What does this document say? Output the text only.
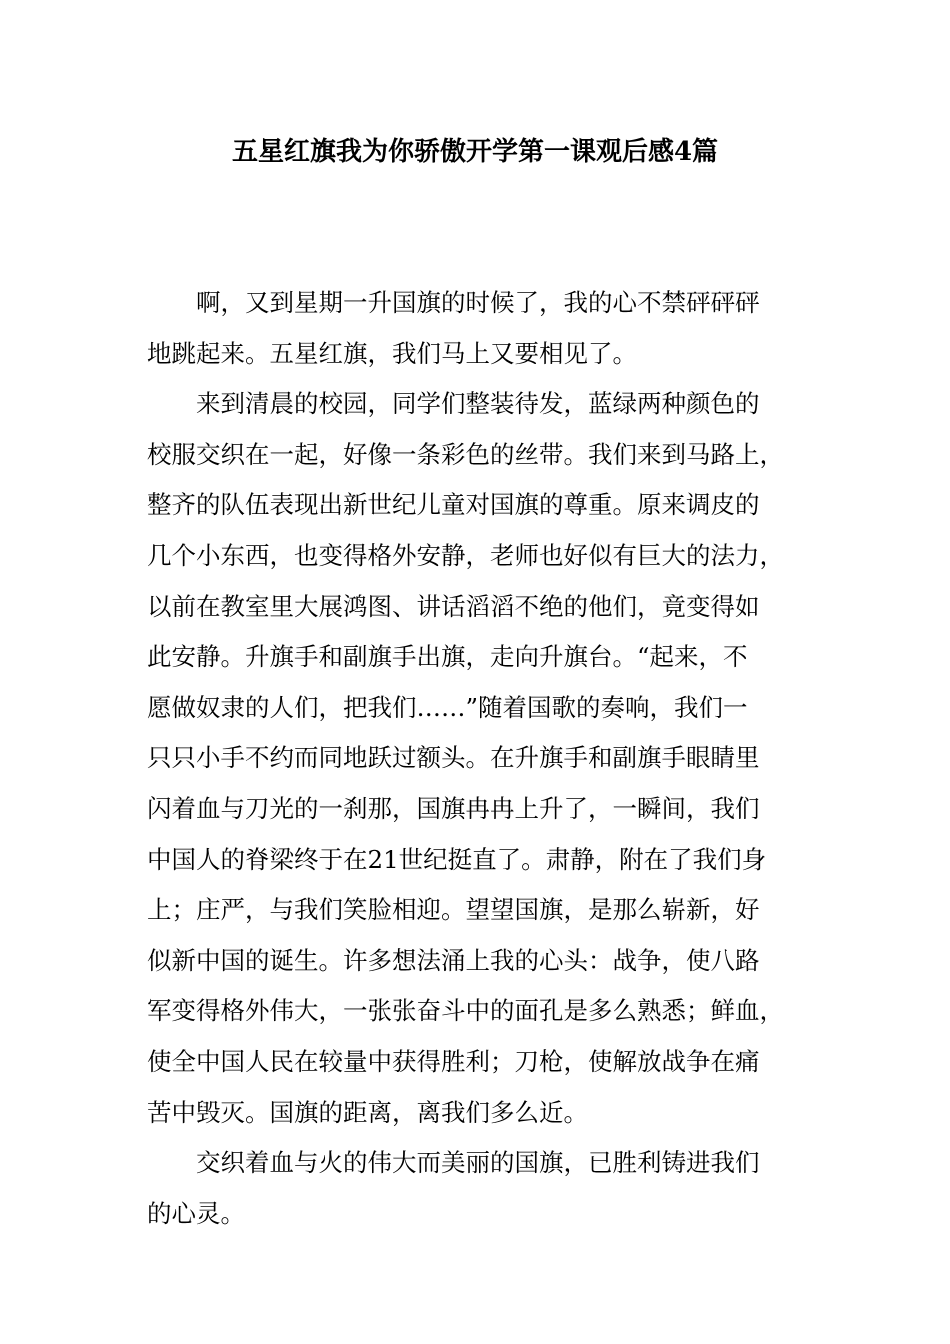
五星红旗我为你骄傲开学第一课观后感4篇
啊，又到星期一升国旗的时候了，我的心不禁砰砰砰
地跳起来。五星红旗，我们马上又要相见了。
来到清晨的校园，同学们整装待发，蓝绿两种颜色的
校服交织在一起，好像一条彩色的丝带。我们来到马路上，
整齐的队伍表现出新世纪儿童对国旗的尊重。原来调皮的
几个小东西，也变得格外安静，老师也好似有巨大的法力，
以前在教室里大展鸿图、讲话滔滔不绝的他们，竟变得如
此安静。升旗手和副旗手出旗，走向升旗台。“起来，不
愿做奴隶的人们，把我们……”随着国歌的奏响，我们一
只只小手不约而同地跃过额头。在升旗手和副旗手眼睛里
闪着血与刀光的一刹那，国旗冉冉上升了，一瞬间，我们
中国人的脊梁终于在21世纪挺直了。肃静，附在了我们身
上；庄严，与我们笑脸相迎。望望国旗，是那么崭新，好
似新中国的诞生。许多想法涌上我的心头：战争，使八路
军变得格外伟大，一张张奋斗中的面孔是多么熟悉；鲜血，
使全中国人民在较量中获得胜利；刀枪，使解放战争在痛
苦中毁灭。国旗的距离，离我们多么近。
交织着血与火的伟大而美丽的国旗，已胜利铸进我们
的心灵。
